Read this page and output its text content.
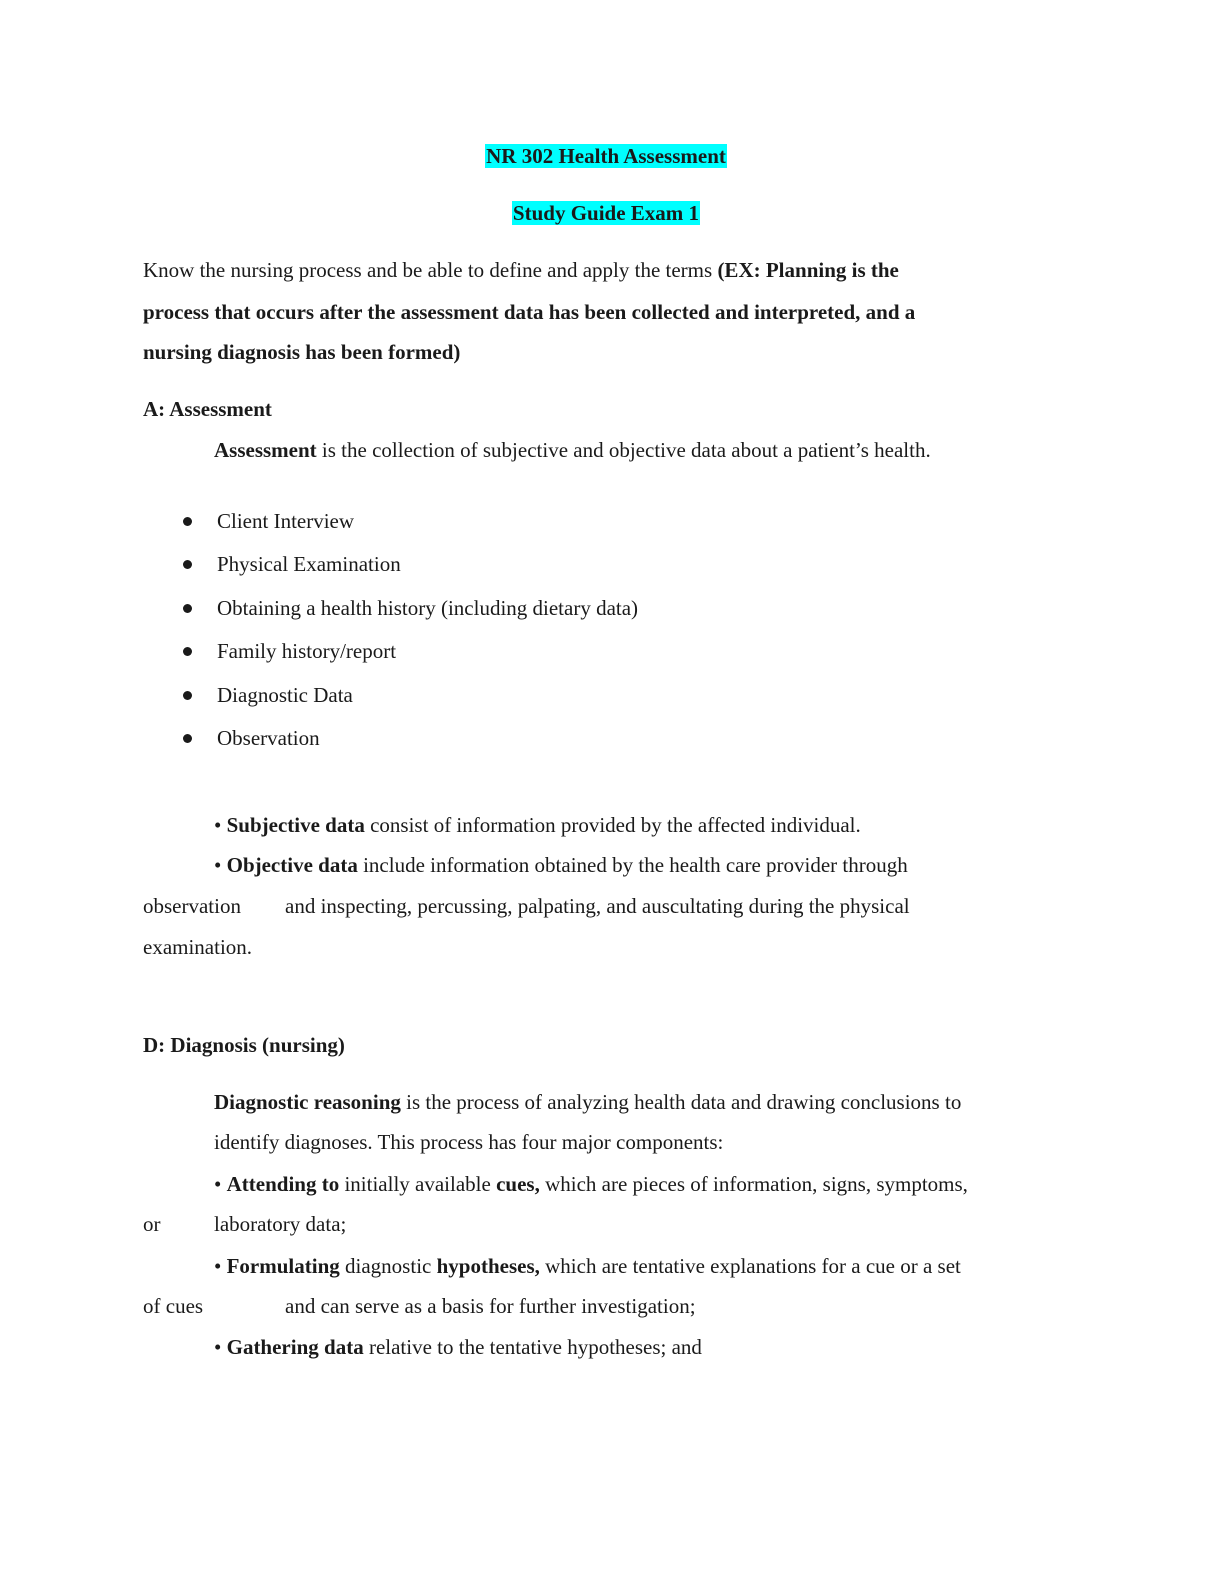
NR 302 Health Assessment
Study Guide Exam 1
Know the nursing process and be able to define and apply the terms (EX: Planning is the
process that occurs after the assessment data has been collected and interpreted, and a
nursing diagnosis has been formed)
A: Assessment
Assessment is the collection of subjective and objective data about a patient’s health.
Client Interview
Physical Examination
Obtaining a health history (including dietary data)
Family history/report
Diagnostic Data
Observation
• Subjective data consist of information provided by the affected individual.
• Objective data include information obtained by the health care provider through
observation and inspecting, percussing, palpating, and auscultating during the physical
examination.
D: Diagnosis (nursing)
Diagnostic reasoning is the process of analyzing health data and drawing conclusions to
identify diagnoses. This process has four major components:
• Attending to initially available cues, which are pieces of information, signs, symptoms,
or	laboratory data;
• Formulating diagnostic hypotheses, which are tentative explanations for a cue or a set
of cues	and can serve as a basis for further investigation;
• Gathering data relative to the tentative hypotheses; and
